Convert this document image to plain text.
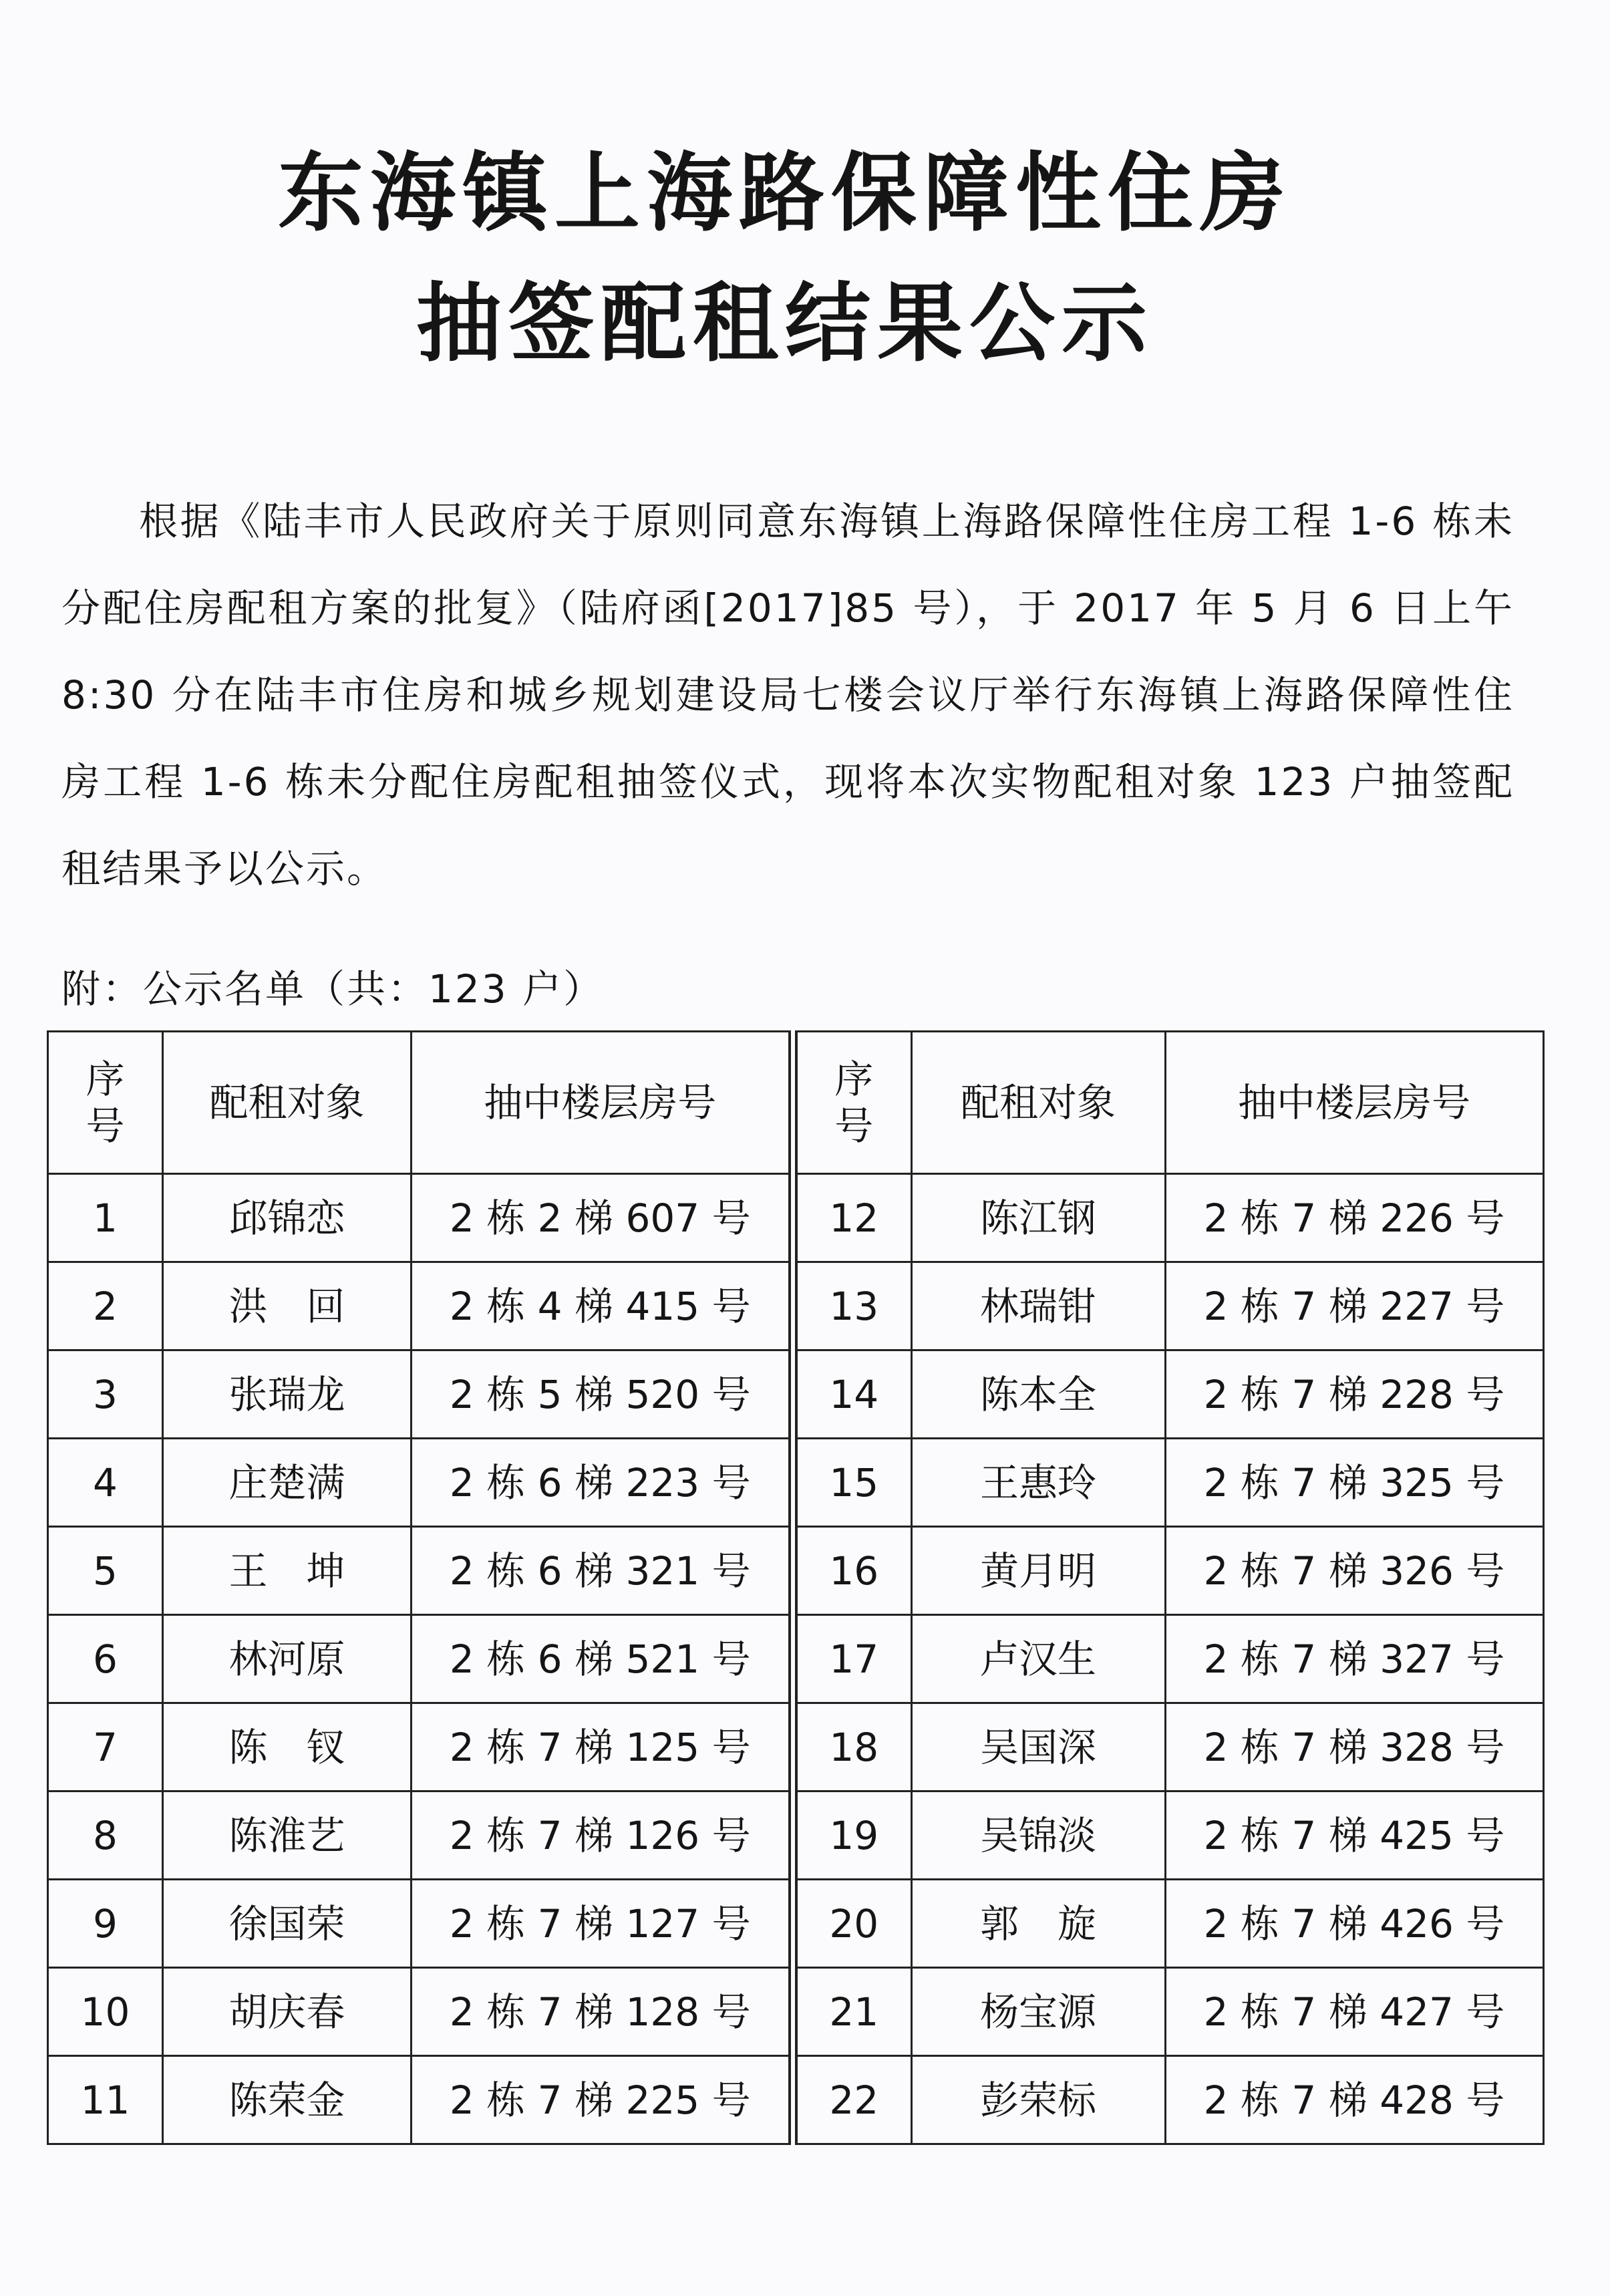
东海镇上海路保障性住房
抽签配租结果公示

根据《陆丰市人民政府关于原则同意东海镇上海路保障性住房工程 1-6 栋未分配住房配租方案的批复》（陆府函[2017]85 号），于 2017 年 5 月 6 日上午 8:30 分在陆丰市住房和城乡规划建设局七楼会议厅举行东海镇上海路保障性住房工程 1-6 栋未分配住房配租抽签仪式，现将本次实物配租对象 123 户抽签配租结果予以公示。

附：公示名单（共：123 户）
序
号	配租对象	抽中楼层房号
1	邱锦恋	2 栋 2 梯 607 号
2	洪　回	2 栋 4 梯 415 号
3	张瑞龙	2 栋 5 梯 520 号
4	庄楚满	2 栋 6 梯 223 号
5	王　坤	2 栋 6 梯 321 号
6	林河原	2 栋 6 梯 521 号
7	陈　钗	2 栋 7 梯 125 号
8	陈淮艺	2 栋 7 梯 126 号
9	徐国荣	2 栋 7 梯 127 号
10	胡庆春	2 栋 7 梯 128 号
11	陈荣金	2 栋 7 梯 225 号
序
号	配租对象	抽中楼层房号
12	陈江钢	2 栋 7 梯 226 号
13	林瑞钳	2 栋 7 梯 227 号
14	陈本全	2 栋 7 梯 228 号
15	王惠玲	2 栋 7 梯 325 号
16	黄月明	2 栋 7 梯 326 号
17	卢汉生	2 栋 7 梯 327 号
18	吴国深	2 栋 7 梯 328 号
19	吴锦淡	2 栋 7 梯 425 号
20	郭　旋	2 栋 7 梯 426 号
21	杨宝源	2 栋 7 梯 427 号
22	彭荣标	2 栋 7 梯 428 号
